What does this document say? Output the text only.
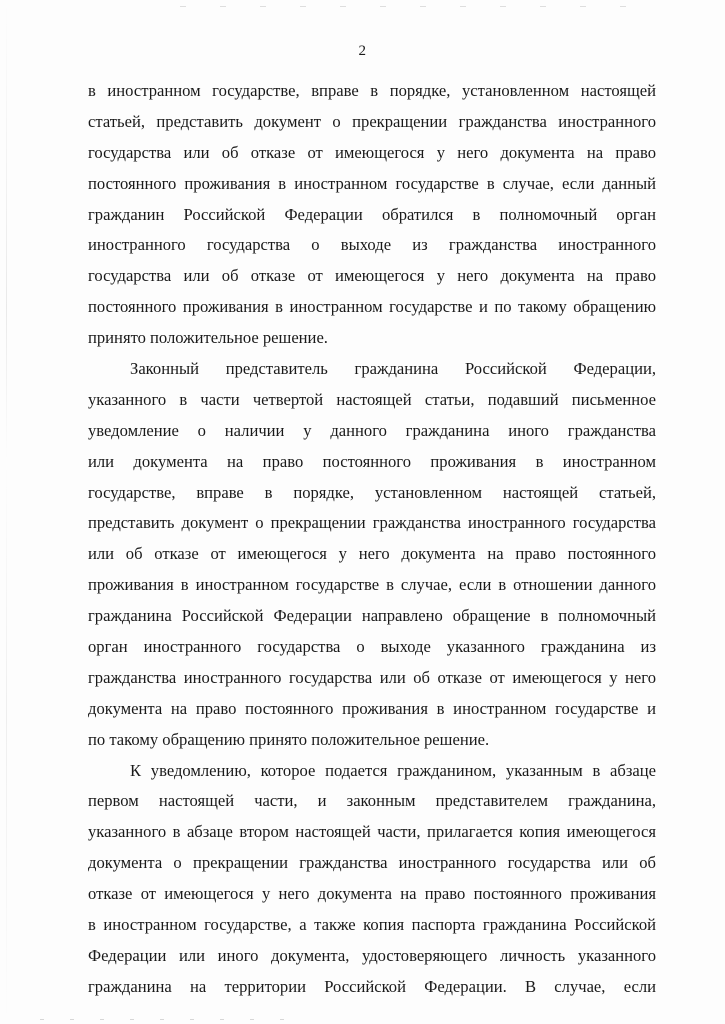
2
в иностранном государстве, вправе в порядке, установленном настоящей
статьей, представить документ о прекращении гражданства иностранного
государства или об отказе от имеющегося у него документа на право
постоянного проживания в иностранном государстве в случае, если данный
гражданин Российской Федерации обратился в полномочный орган
иностранного государства о выходе из гражданства иностранного
государства или об отказе от имеющегося у него документа на право
постоянного проживания в иностранном государстве и по такому обращению
принято положительное решение.
Законный представитель гражданина Российской Федерации,
указанного в части четвертой настоящей статьи, подавший письменное
уведомление о наличии у данного гражданина иного гражданства
или документа на право постоянного проживания в иностранном
государстве, вправе в порядке, установленном настоящей статьей,
представить документ о прекращении гражданства иностранного государства
или об отказе от имеющегося у него документа на право постоянного
проживания в иностранном государстве в случае, если в отношении данного
гражданина Российской Федерации направлено обращение в полномочный
орган иностранного государства о выходе указанного гражданина из
гражданства иностранного государства или об отказе от имеющегося у него
документа на право постоянного проживания в иностранном государстве и
по такому обращению принято положительное решение.
К уведомлению, которое подается гражданином, указанным в абзаце
первом настоящей части, и законным представителем гражданина,
указанного в абзаце втором настоящей части, прилагается копия имеющегося
документа о прекращении гражданства иностранного государства или об
отказе от имеющегося у него документа на право постоянного проживания
в иностранном государстве, а также копия паспорта гражданина Российской
Федерации или иного документа, удостоверяющего личность указанного
гражданина на территории Российской Федерации. В случае, если
